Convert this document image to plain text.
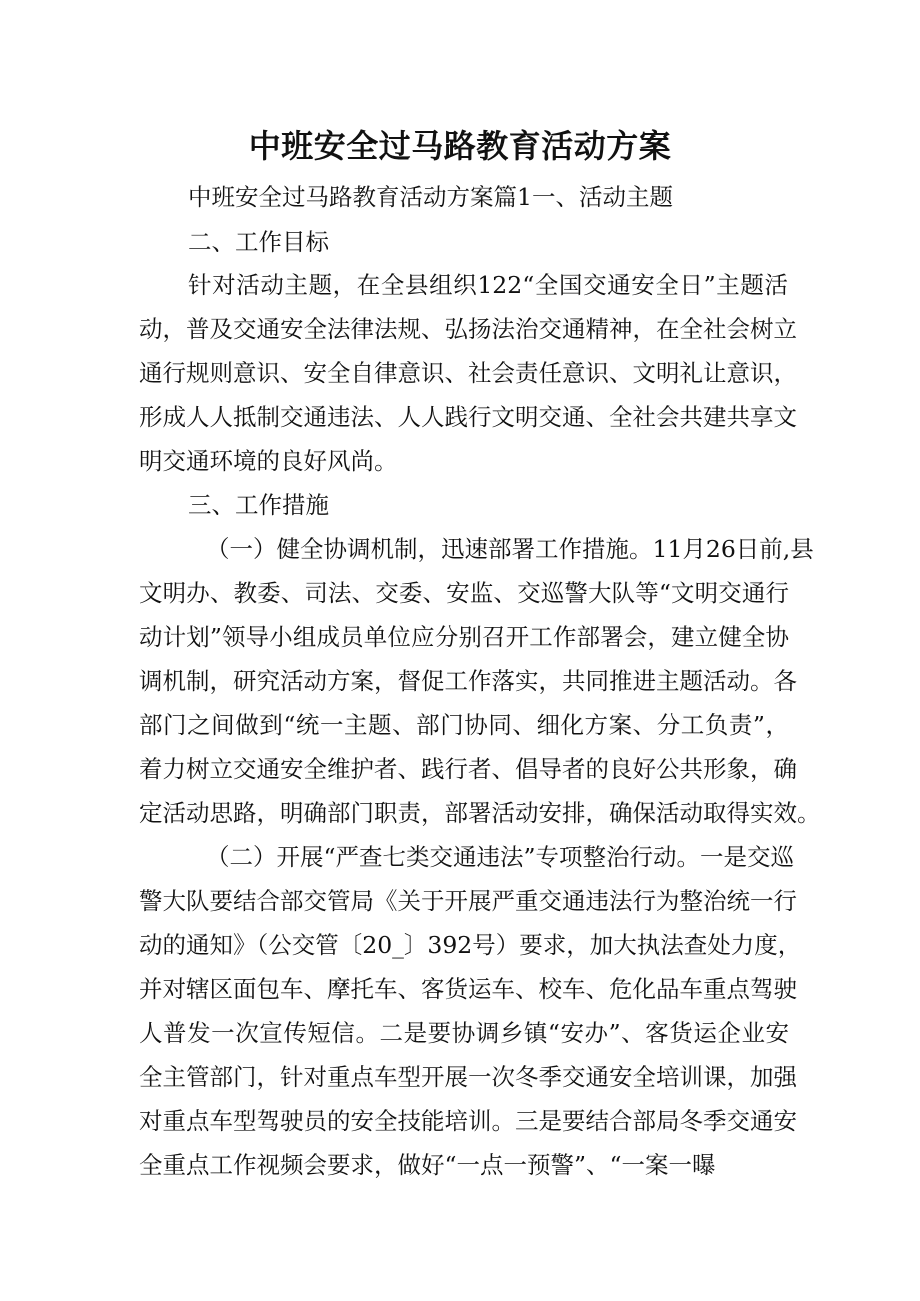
中班安全过马路教育活动方案
中班安全过马路教育活动方案篇1一、活动主题
二、工作目标
针对活动主题，在全县组织122“全国交通安全日”主题活
动，普及交通安全法律法规、弘扬法治交通精神，在全社会树立
通行规则意识、安全自律意识、社会责任意识、文明礼让意识，
形成人人抵制交通违法、人人践行文明交通、全社会共建共享文
明交通环境的良好风尚。
三、工作措施
（一）健全协调机制，迅速部署工作措施。11月26日前,县
文明办、教委、司法、交委、安监、交巡警大队等“文明交通行
动计划”领导小组成员单位应分别召开工作部署会，建立健全协
调机制，研究活动方案，督促工作落实，共同推进主题活动。各
部门之间做到“统一主题、部门协同、细化方案、分工负责”，
着力树立交通安全维护者、践行者、倡导者的良好公共形象，确
定活动思路，明确部门职责，部署活动安排，确保活动取得实效。
（二）开展“严查七类交通违法”专项整治行动。一是交巡
警大队要结合部交管局《关于开展严重交通违法行为整治统一行
动的通知》（公交管〔20_〕392号）要求，加大执法查处力度，
并对辖区面包车、摩托车、客货运车、校车、危化品车重点驾驶
人普发一次宣传短信。二是要协调乡镇“安办”、客货运企业安
全主管部门，针对重点车型开展一次冬季交通安全培训课，加强
对重点车型驾驶员的安全技能培训。三是要结合部局冬季交通安
全重点工作视频会要求，做好“一点一预警”、“一案一曝
